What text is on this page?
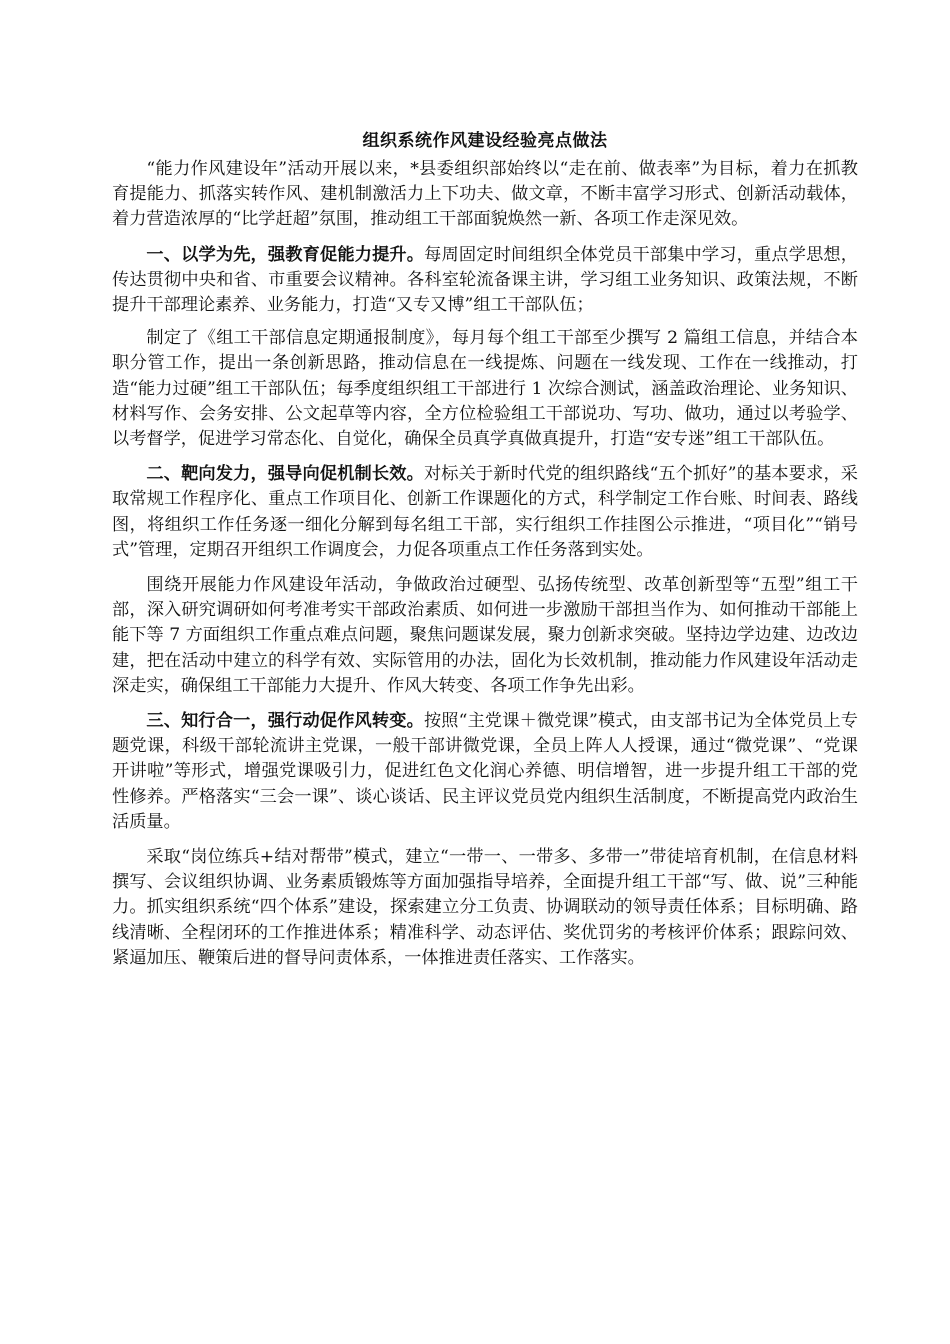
组织系统作风建设经验亮点做法

“能力作风建设年”活动开展以来，*县委组织部始终以“走在前、做表率”为目标，着力在抓教育提能力、抓落实转作风、建机制激活力上下功夫、做文章，不断丰富学习形式、创新活动载体，着力营造浓厚的“比学赶超”氛围，推动组工干部面貌焕然一新、各项工作走深见效。

一、以学为先，强教育促能力提升。每周固定时间组织全体党员干部集中学习，重点学思想，传达贯彻中央和省、市重要会议精神。各科室轮流备课主讲，学习组工业务知识、政策法规，不断提升干部理论素养、业务能力，打造“又专又博”组工干部队伍；

制定了《组工干部信息定期通报制度》，每月每个组工干部至少撰写 2 篇组工信息，并结合本职分管工作，提出一条创新思路，推动信息在一线提炼、问题在一线发现、工作在一线推动，打造“能力过硬”组工干部队伍；每季度组织组工干部进行 1 次综合测试，涵盖政治理论、业务知识、材料写作、会务安排、公文起草等内容，全方位检验组工干部说功、写功、做功，通过以考验学、以考督学，促进学习常态化、自觉化，确保全员真学真做真提升，打造“安专迷”组工干部队伍。

二、靶向发力，强导向促机制长效。对标关于新时代党的组织路线“五个抓好”的基本要求，采取常规工作程序化、重点工作项目化、创新工作课题化的方式，科学制定工作台账、时间表、路线图，将组织工作任务逐一细化分解到每名组工干部，实行组织工作挂图公示推进，“项目化”“销号式”管理，定期召开组织工作调度会，力促各项重点工作任务落到实处。

围绕开展能力作风建设年活动，争做政治过硬型、弘扬传统型、改革创新型等“五型”组工干部，深入研究调研如何考准考实干部政治素质、如何进一步激励干部担当作为、如何推动干部能上能下等 7 方面组织工作重点难点问题，聚焦问题谋发展，聚力创新求突破。坚持边学边建、边改边建，把在活动中建立的科学有效、实际管用的办法，固化为长效机制，推动能力作风建设年活动走深走实，确保组工干部能力大提升、作风大转变、各项工作争先出彩。

三、知行合一，强行动促作风转变。按照“主党课＋微党课”模式，由支部书记为全体党员上专题党课，科级干部轮流讲主党课，一般干部讲微党课，全员上阵人人授课，通过“微党课”、“党课开讲啦”等形式，增强党课吸引力，促进红色文化润心养德、明信增智，进一步提升组工干部的党性修养。严格落实“三会一课”、谈心谈话、民主评议党员党内组织生活制度，不断提高党内政治生活质量。

采取“岗位练兵+结对帮带”模式，建立“一带一、一带多、多带一”带徒培育机制，在信息材料撰写、会议组织协调、业务素质锻炼等方面加强指导培养，全面提升组工干部“写、做、说”三种能力。抓实组织系统“四个体系”建设，探索建立分工负责、协调联动的领导责任体系；目标明确、路线清晰、全程闭环的工作推进体系；精准科学、动态评估、奖优罚劣的考核评价体系；跟踪问效、紧逼加压、鞭策后进的督导问责体系，一体推进责任落实、工作落实。
